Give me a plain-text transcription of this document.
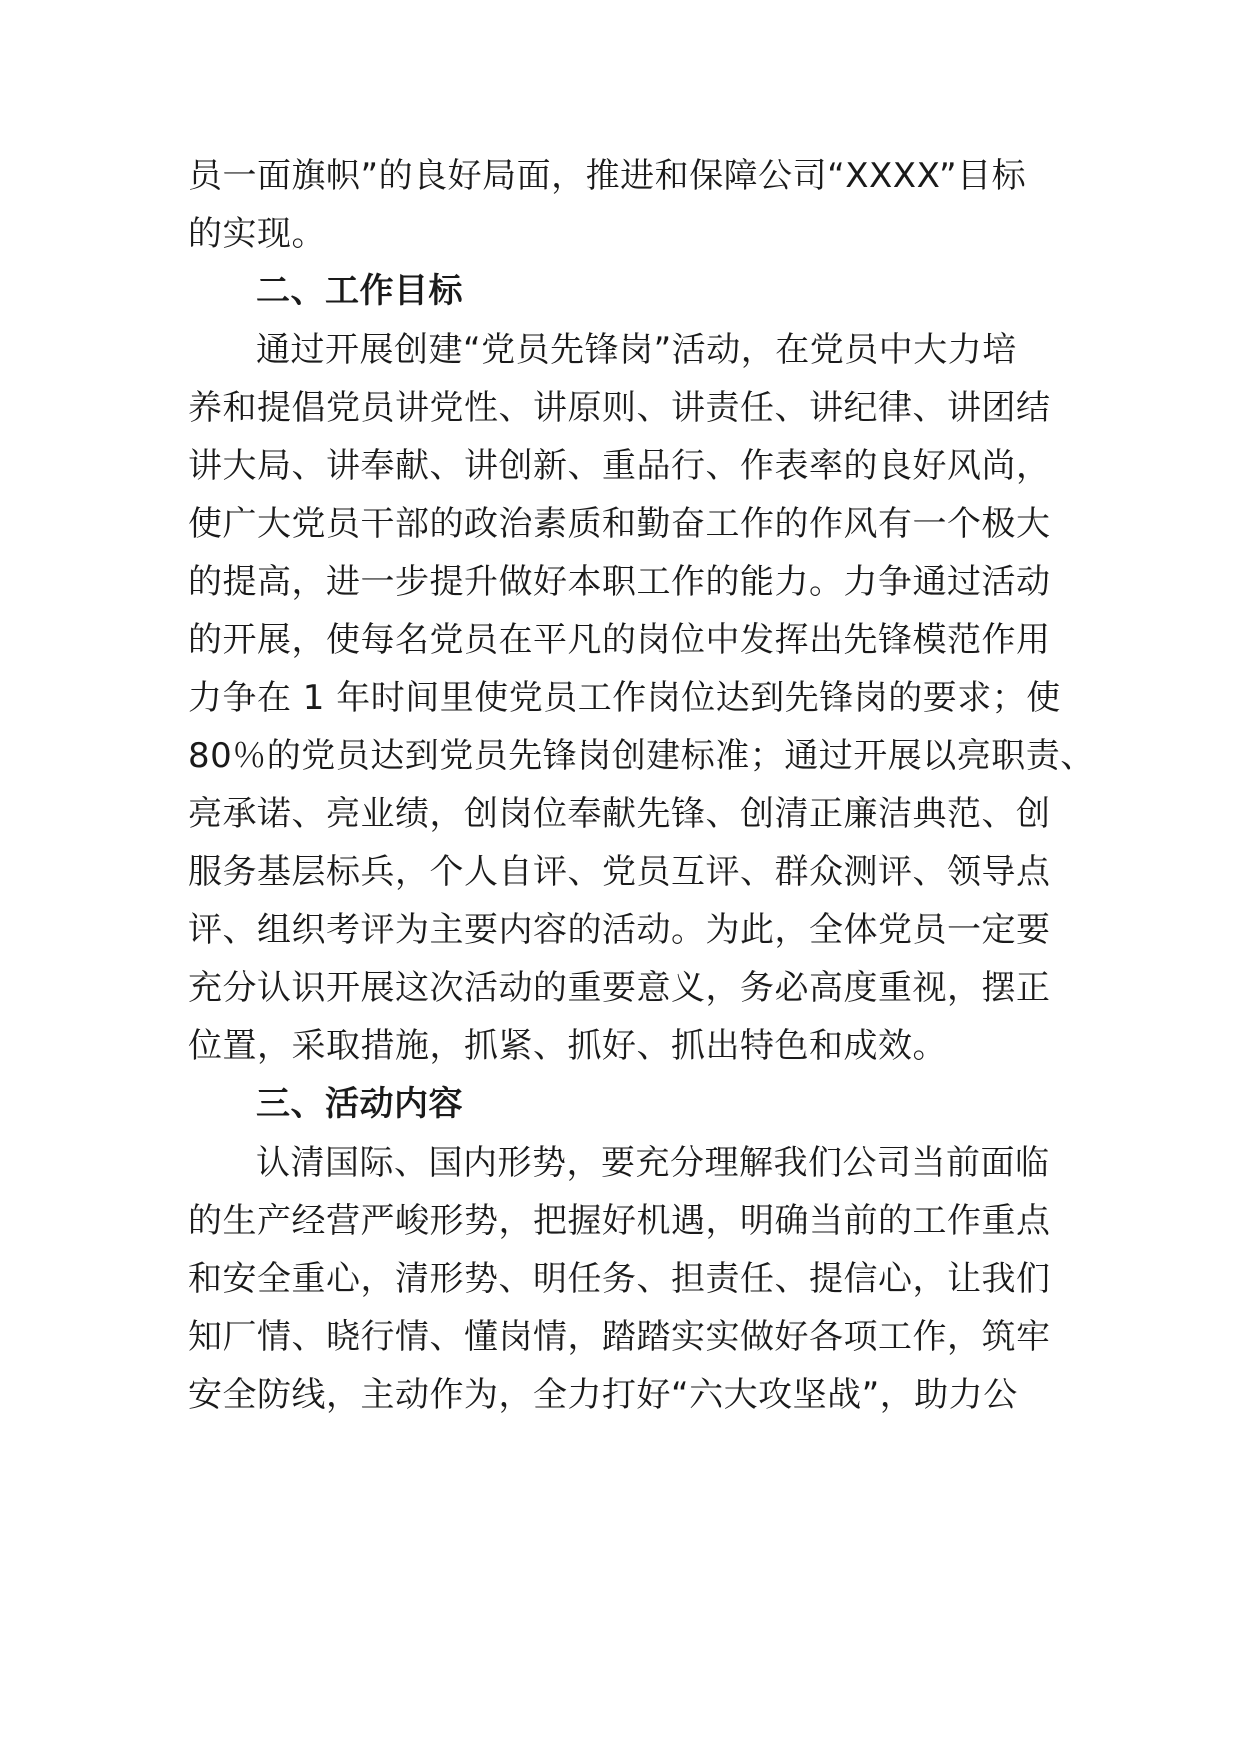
员一面旗帜”的良好局面，推进和保障公司“XXXX”目标
的实现。
二、工作目标
通过开展创建“党员先锋岗”活动，在党员中大力培
养和提倡党员讲党性、讲原则、讲责任、讲纪律、讲团结
讲大局、讲奉献、讲创新、重品行、作表率的良好风尚，
使广大党员干部的政治素质和勤奋工作的作风有一个极大
的提高，进一步提升做好本职工作的能力。力争通过活动
的开展，使每名党员在平凡的岗位中发挥出先锋模范作用
力争在 1 年时间里使党员工作岗位达到先锋岗的要求；使
80％的党员达到党员先锋岗创建标准；通过开展以亮职责、
亮承诺、亮业绩，创岗位奉献先锋、创清正廉洁典范、创
服务基层标兵，个人自评、党员互评、群众测评、领导点
评、组织考评为主要内容的活动。为此，全体党员一定要
充分认识开展这次活动的重要意义，务必高度重视，摆正
位置，采取措施，抓紧、抓好、抓出特色和成效。
三、活动内容
认清国际、国内形势，要充分理解我们公司当前面临
的生产经营严峻形势，把握好机遇，明确当前的工作重点
和安全重心，清形势、明任务、担责任、提信心，让我们
知厂情、晓行情、懂岗情，踏踏实实做好各项工作，筑牢
安全防线，主动作为，全力打好“六大攻坚战”，助力公
